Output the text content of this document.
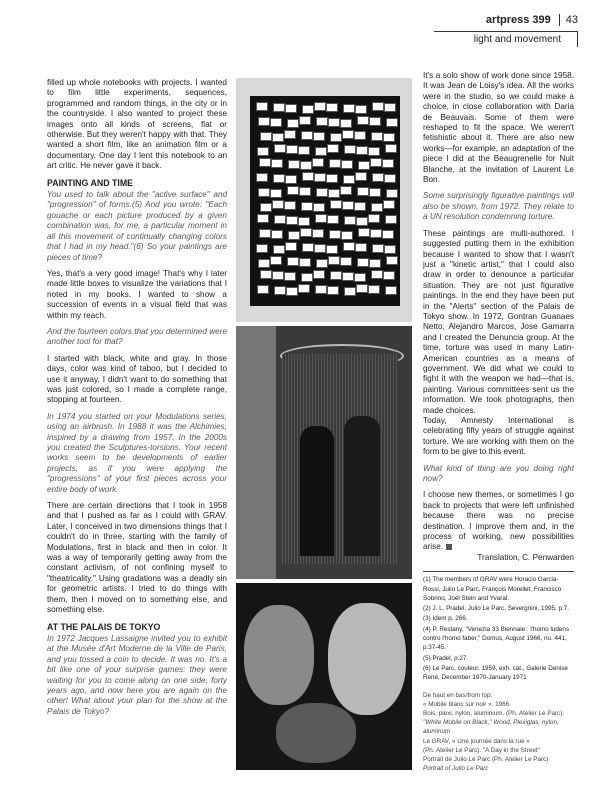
artpress 399 43
light and movement

filled up whole notebooks with projects. I wanted to film little experiments, sequences, programmed and random things, in the city or in the countryside. I also wanted to project these images onto all kinds of screens, flat or otherwise. But they weren't happy with that. They wanted a short film, like an animation film or a documentary. One day I lent this notebook to an art critic. He never gave it back.

PAINTING AND TIME

You used to talk about the "active surface" and "progression" of forms.(5) And you wrote: "Each gouache or each picture produced by a given combination was, for me, a particular moment in all this movement of continually changing colors that I had in my head."(6) So your paintings are pieces of time?

Yes, that's a very good image! That's why I later made little boxes to visualize the variations that I noted in my books. I wanted to show a succession of events in a visual field that was within my reach.

And the fourteen colors that you determined were another tool for that?

I started with black, white and gray. In those days, color was kind of taboo, but I decided to use it anyway. I didn't want to do something that was just colored, so I made a complete range, stopping at fourteen.

In 1974 you started on your Modulations series, using an airbrush. In 1988 it was the Alchimies, inspired by a drawing from 1957. In the 2000s you created the Sculptures-torsions. Your recent works seem to be developments of earlier projects, as if you were applying the "progressions" of your first pieces across your entire body of work.

There are certain directions that I took in 1958 and that I pushed as far as I could with GRAV. Later, I conceived in two dimensions things that I couldn't do in three, starting with the family of Modulations, first in black and then in color. It was a way of temporarily getting away from the constant activism, of not confining myself to "theatricality." Using gradations was a deadly sin for geometric artists. I tried to do things with them, then I moved on to something else, and something else.

AT THE PALAIS DE TOKYO

In 1972 Jacques Lassaigne invited you to exhibit at the Musée d'Art Moderne de la Ville de Paris, and you tossed a coin to decide. It was no. It's a bit like one of your surprise games: they were waiting for you to come along on one side, forty years ago, and now here you are again on the other! What about your plan for the show at the Palais de Tokyo?

It's a solo show of work done since 1958. It was Jean de Loisy's idea. All the works were in the studio, so we could make a choice, in close collaboration with Daria de Beauvais. Some of them were reshaped to fit the space. We weren't fetishistic about it. There are also new works—for example, an adaptation of the piece I did at the Beaugrenelle for Nuit Blanche, at the invitation of Laurent Le Bon.

Some surprisingly figurative paintings will also be shown, from 1972. They relate to a UN resolution condemning torture.

These paintings are multi-authored. I suggested putting them in the exhibition because I wanted to show that I wasn't just a "kinetic artist," that I could also draw in order to denounce a particular situation. They are not just figurative paintings. In the end they have been put in the "Alerts" section of the Palais de Tokyo show. In 1972, Gontran Guanaes Netto, Alejandro Marcos, Jose Gamarra and I created the Denuncia group. At the time, torture was used in many Latin-American countries as a means of government. We did what we could to fight it with the weapon we had—that is, painting. Various committees sent us the information. We took photographs, then made choices.

Today, Amnesty International is celebrating fifty years of struggle against torture. We are working with them on the form to be give to this event.

What kind of thing are you doing right now?

I choose new themes, or sometimes I go back to projects that were left unfinished because there was no precise destination. I improve them and, in the process of working, new possibilities arise.

Translation, C. Penwarden

(1) The members of GRAV were Horacio Garcia-Rossi, Julio Le Parc, François Morellet, Francisco Sobrino, Joël Stein and Yvaral.
(2) J. L. Pradel, Julio Le Parc, Severgnini, 1995, p.7.
(3) Idem p. 266.
(4) P. Restany, "Venezia 33 Biennale : l'homo ludens contro l'homo faber," Domus, August 1966, no. 441, p.37-45.
(5) Pradel, p.27.
(6) Le Parc, couleur, 1959, exh. cat., Galerie Denise René, December 1970-January 1971
De haut en bas/from top:
« Mobile blanc sur noir ». 1966.
Bois, plexi, nylon, aluminium. (Ph. Atelier Le Parc).
"White Mobile on Black," Wood, Plexiglas, nylon, aluminum
Le GRAV, « Une journée dans la rue »
(Ph. Atelier Le Parc). "A Day in the Street"
Portrait de Julio Le Parc (Ph. Atelier Le Parc)
Portrait of Julio Le Parc
